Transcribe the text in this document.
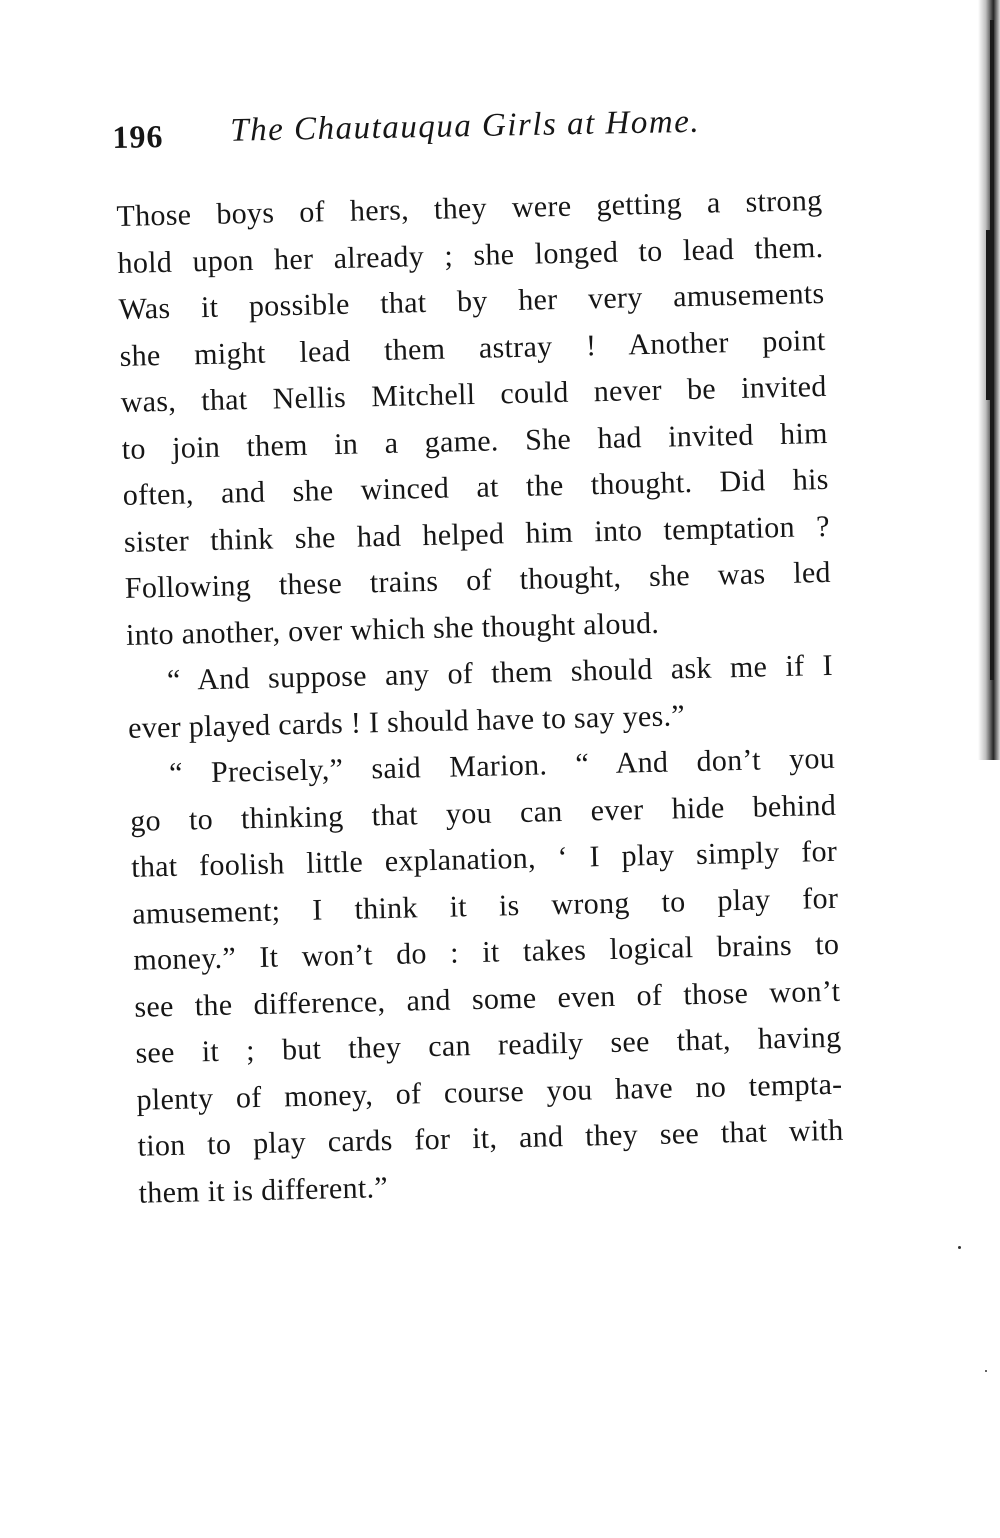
196 The Chautauqua Girls at Home.
Those boys of hers, they were getting a strong
hold upon her already ; she longed to lead them.
Was it possible that by her very amusements
she might lead them astray ! Another point
was, that Nellis Mitchell could never be invited
to join them in a game. She had invited him
often, and she winced at the thought. Did his
sister think she had helped him into temptation ?
Following these trains of thought, she was led
into another, over which she thought aloud.
“ And suppose any of them should ask me if I
ever played cards ! I should have to say yes.”
“ Precisely,” said Marion. “ And don’t you
go to thinking that you can ever hide behind
that foolish little explanation, ‘ I play simply for
amusement; I think it is wrong to play for
money.” It won’t do : it takes logical brains to
see the difference, and some even of those won’t
see it ; but they can readily see that, having
plenty of money, of course you have no tempta-
tion to play cards for it, and they see that with
them it is different.”
